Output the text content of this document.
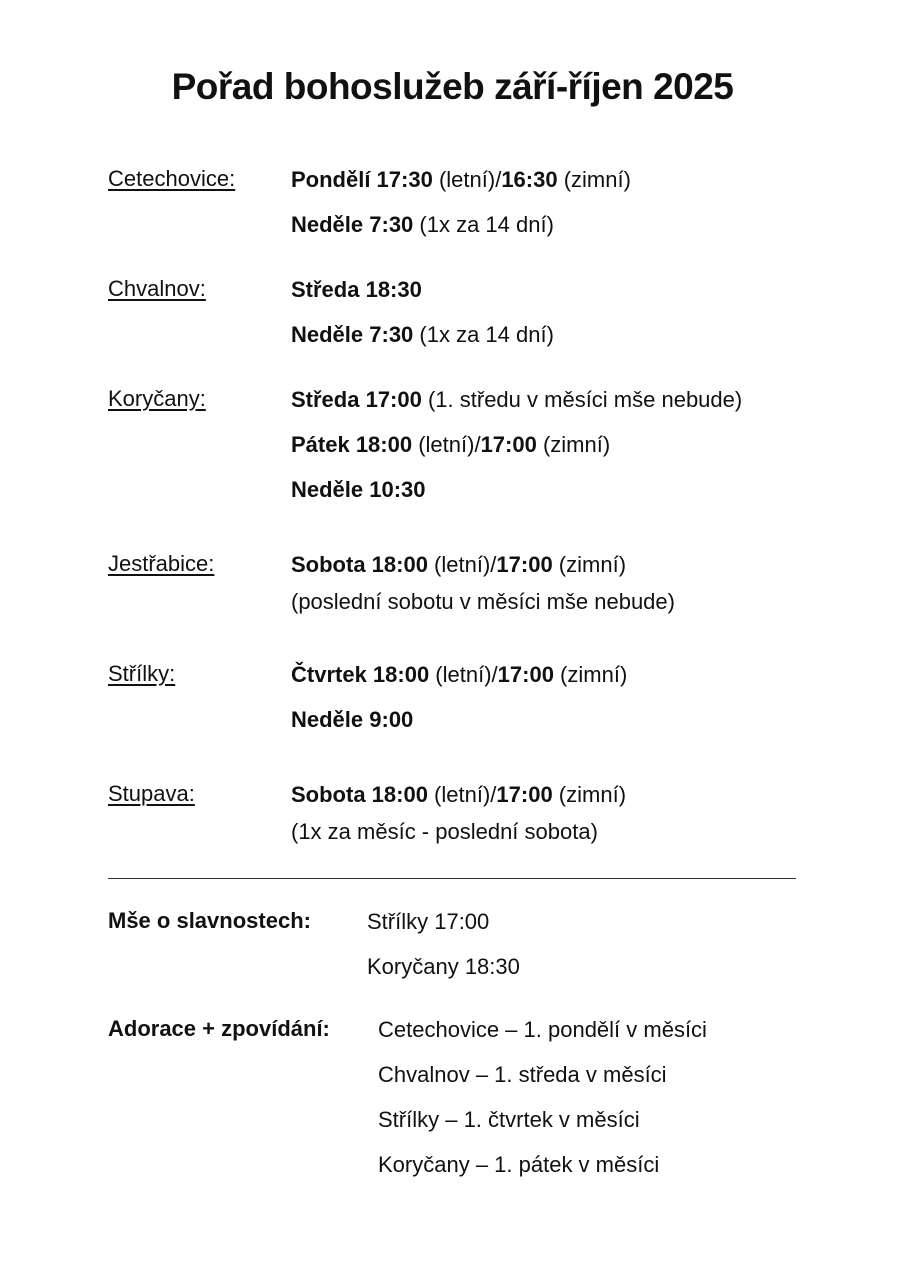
Pořad bohoslužeb září-říjen 2025
Cetechovice:	Pondělí 17:30 (letní)/16:30 (zimní)
Neděle 7:30 (1x za 14 dní)
Chvalnov:	Středa 18:30
Neděle 7:30 (1x za 14 dní)
Koryčany:	Středa 17:00 (1. středu v měsíci mše nebude)
Pátek 18:00 (letní)/17:00 (zimní)
Neděle 10:30
Jestřabice:	Sobota 18:00 (letní)/17:00 (zimní)
(poslední sobotu v měsíci mše nebude)
Střílky:	Čtvrtek 18:00 (letní)/17:00 (zimní)
Neděle 9:00
Stupava:	Sobota 18:00 (letní)/17:00 (zimní)
(1x za měsíc - poslední sobota)
Mše o slavnostech:	Střílky 17:00
Koryčany 18:30
Adorace + zpovídání: Cetechovice – 1. pondělí v měsíci
Chvalnov – 1. středa v měsíci
Střílky – 1. čtvrtek v měsíci
Koryčany – 1. pátek v měsíci
